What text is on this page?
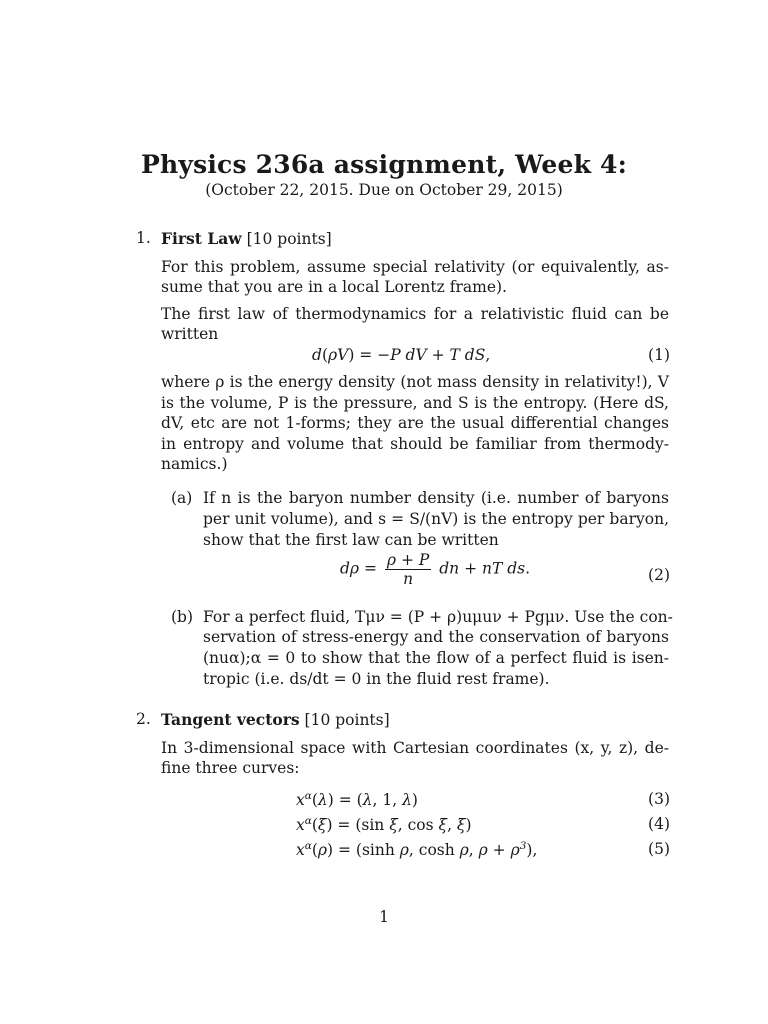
Physics 236a assignment, Week 4:
(October 22, 2015. Due on October 29, 2015)
1. First Law [10 points]
For this problem, assume special relativity (or equivalently, as-
sume that you are in a local Lorentz frame).
The first law of thermodynamics for a relativistic fluid can be
written
d(ρV) = −P dV + T dS,	(1)
where ρ is the energy density (not mass density in relativity!), V
is the volume, P is the pressure, and S is the entropy. (Here dS,
dV, etc are not 1-forms; they are the usual differential changes
in entropy and volume that should be familiar from thermody-
namics.)
(a) If n is the baryon number density (i.e. number of baryons
per unit volume), and s = S/(nV) is the entropy per baryon,
show that the first law can be written
$d\rho = \frac{\rho + P}{n}$ dn + nT ds.	(2)
(b) For a perfect fluid, Tμν = (P + ρ)uμuν + Pgμν. Use the con-
servation of stress-energy and the conservation of baryons
(nuα);α = 0 to show that the flow of a perfect fluid is isen-
tropic (i.e. ds/dt = 0 in the fluid rest frame).
2. Tangent vectors [10 points]
In 3-dimensional space with Cartesian coordinates (x, y, z), de-
fine three curves:
$x^\alpha(\lambda) = (\lambda$, 1, λ)	(3)
$x^\alpha(\xi) = (\sin$ ξ, cos ξ, ξ)	(4)
$x^\alpha(\rho) = (\sinh$ ρ, cosh ρ, $\rho + \rho^3$),	(5)
1
